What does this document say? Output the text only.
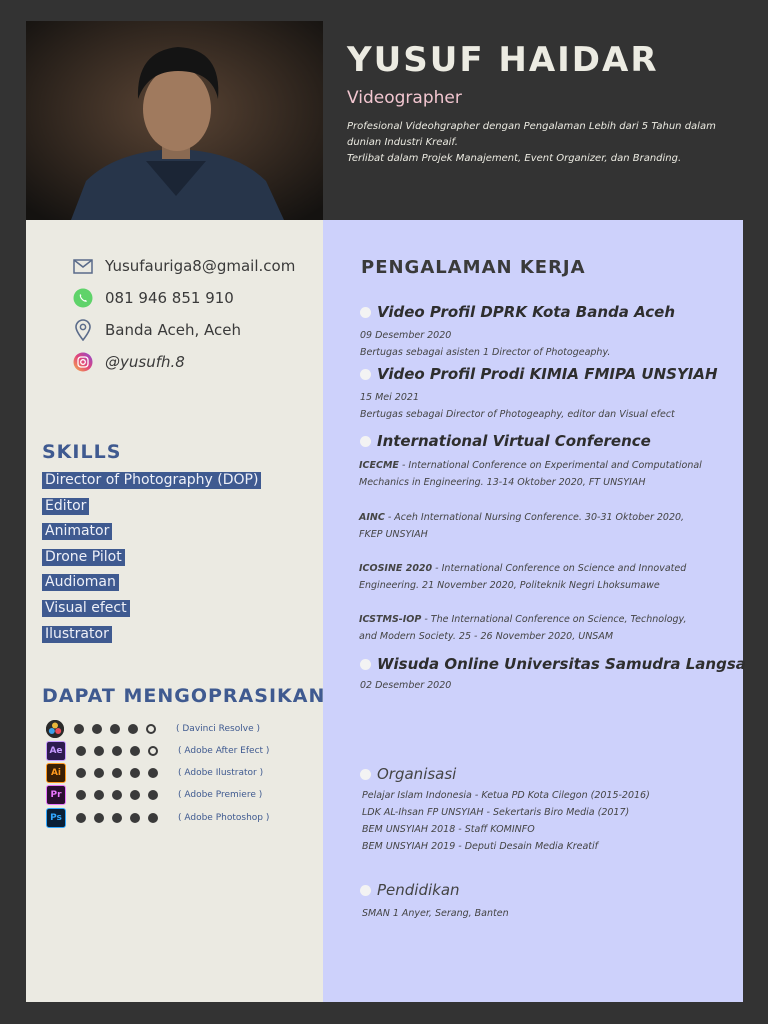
YUSUF HAIDAR
Videographer
Profesional Videohgrapher dengan Pengalaman Lebih dari 5 Tahun dalam
dunian Industri Kreaif.
Terlibat dalam Projek Manajement, Event Organizer, dan Branding.
Yusufauriga8@gmail.com
081 946 851 910
Banda Aceh, Aceh
@yusufh.8
SKILLS
Director of Photography (DOP)
Editor
Animator
Drone Pilot
Audioman
Visual efect
Ilustrator
DAPAT MENGOPRASIKAN
( Davinci Resolve )
Ae	( Adobe After Efect )
Ai	( Adobe Ilustrator )
Pr	( Adobe Premiere )
Ps	( Adobe Photoshop )
PENGALAMAN KERJA
Video Profil DPRK Kota Banda Aceh
09 Desember 2020
Bertugas sebagai asisten 1 Director of Photogeaphy.
Video Profil Prodi KIMIA FMIPA UNSYIAH
15 Mei 2021
Bertugas sebagai Director of Photogeaphy, editor dan Visual efect
International Virtual Conference
ICECME - International Conference on Experimental and Computational
Mechanics in Engineering. 13-14 Oktober 2020, FT UNSYIAH
AINC - Aceh International Nursing Conference. 30-31 Oktober 2020,
FKEP UNSYIAH
ICOSINE 2020 - International Conference on Science and Innovated
Engineering. 21 November 2020, Politeknik Negri Lhoksumawe
ICSTMS-IOP - The International Conference on Science, Technology,
and Modern Society. 25 - 26 November 2020, UNSAM
Wisuda Online Universitas Samudra Langsa
02 Desember 2020
Organisasi
Pelajar Islam Indonesia - Ketua PD Kota Cilegon (2015-2016)
LDK AL-Ihsan FP UNSYIAH - Sekertaris Biro Media (2017)
BEM UNSYIAH 2018 - Staff KOMINFO
BEM UNSYIAH 2019 - Deputi Desain Media Kreatif
Pendidikan
SMAN 1 Anyer, Serang, Banten
